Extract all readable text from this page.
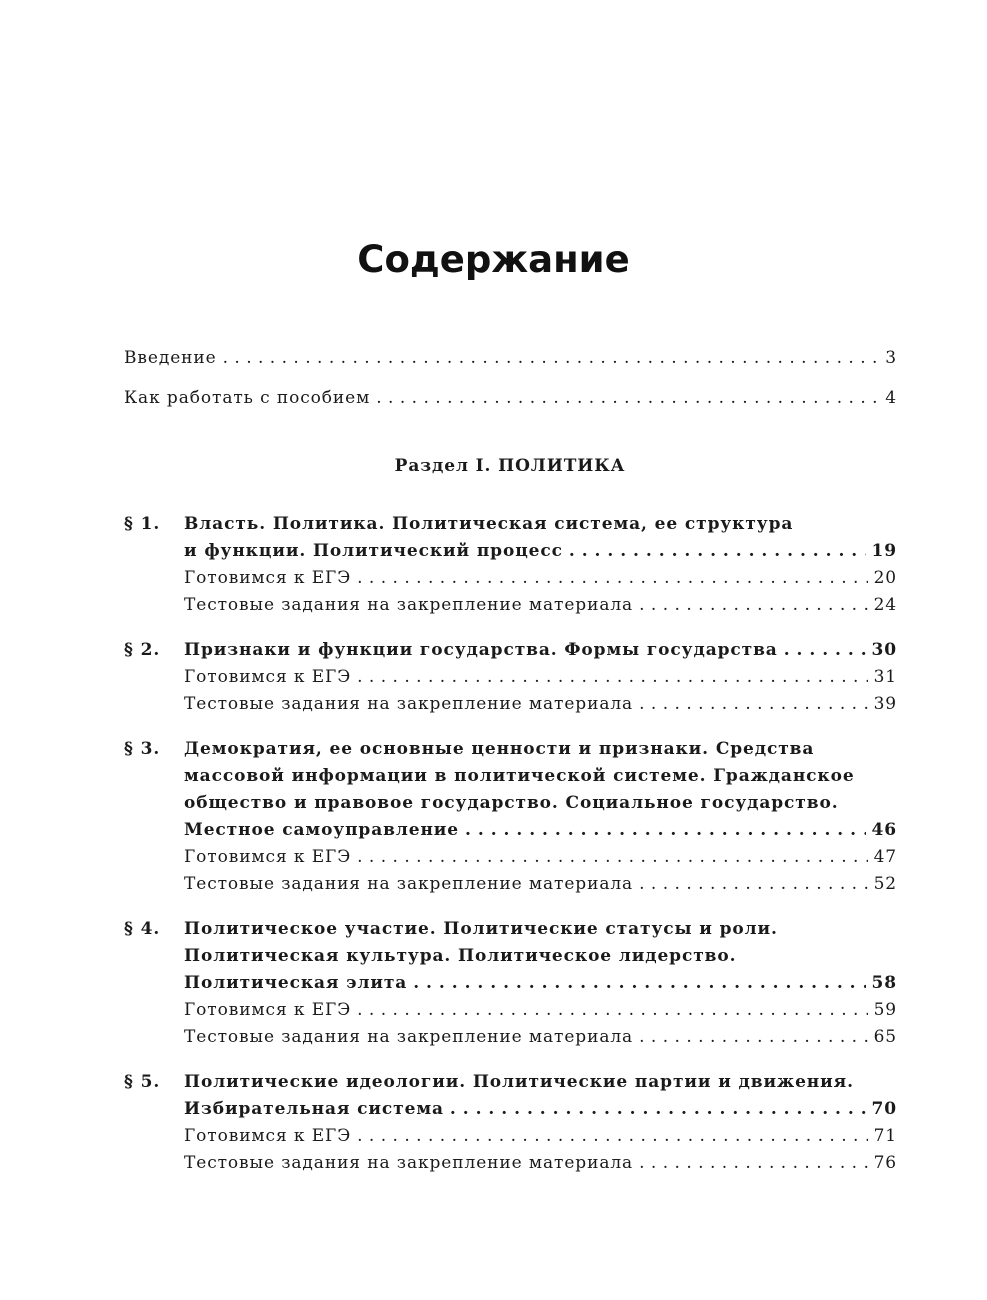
Содержание
Введение . . .	3
Как работать с пособием . . .	4
Раздел I. ПОЛИТИКА
§ 1. Власть. Политика. Политическая система, ее структура
и функции. Политический процесс . . .	19
Готовимся к ЕГЭ . . .	20
Тестовые задания на закрепление материала . . .	24
§ 2. Признаки и функции государства. Формы государства . . .	30
Готовимся к ЕГЭ . . .	31
Тестовые задания на закрепление материала . . .	39
§ 3. Демократия, ее основные ценности и признаки. Средства
массовой информации в политической системе. Гражданское
общество и правовое государство. Социальное государство.
Местное самоуправление . . .	46
Готовимся к ЕГЭ . . .	47
Тестовые задания на закрепление материала . . .	52
§ 4. Политическое участие. Политические статусы и роли.
Политическая культура. Политическое лидерство.
Политическая элита . . .	58
Готовимся к ЕГЭ . . .	59
Тестовые задания на закрепление материала . . .	65
§ 5. Политические идеологии. Политические партии и движения.
Избирательная система . . .	70
Готовимся к ЕГЭ . . .	71
Тестовые задания на закрепление материала . . .	76
